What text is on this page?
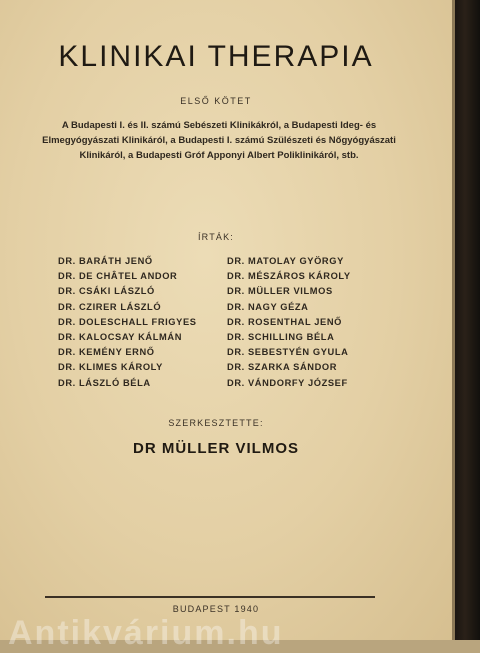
KLINIKAI THERAPIA
ELSŐ KÖTET
A Budapesti I. és II. számú Sebészeti Klinikákról, a Budapesti Ideg- és Elmegyógyászati Klinikáról, a Budapesti I. számú Szülészeti és Nőgyógyászati Klinikáról, a Budapesti Gróf Apponyi Albert Poliklinikáról, stb.
ÍRTÁK:
DR. BARÁTH JENŐ
DR. DE CHÂTEL ANDOR
DR. CSÁKI LÁSZLÓ
DR. CZIRER LÁSZLÓ
DR. DOLESCHALL FRIGYES
DR. KALOCSAY KÁLMÁN
DR. KEMÉNY ERNŐ
DR. KLIMES KÁROLY
DR. LÁSZLÓ BÉLA
DR. MATOLAY GYÖRGY
DR. MÉSZÁROS KÁROLY
DR. MÜLLER VILMOS
DR. NAGY GÉZA
DR. ROSENTHAL JENŐ
DR. SCHILLING BÉLA
DR. SEBESTYÉN GYULA
DR. SZARKA SÁNDOR
DR. VÁNDORFY JÓZSEF
SZERKESZTETTE:
DR MÜLLER VILMOS
BUDAPEST 1940
Antikvárium.hu
